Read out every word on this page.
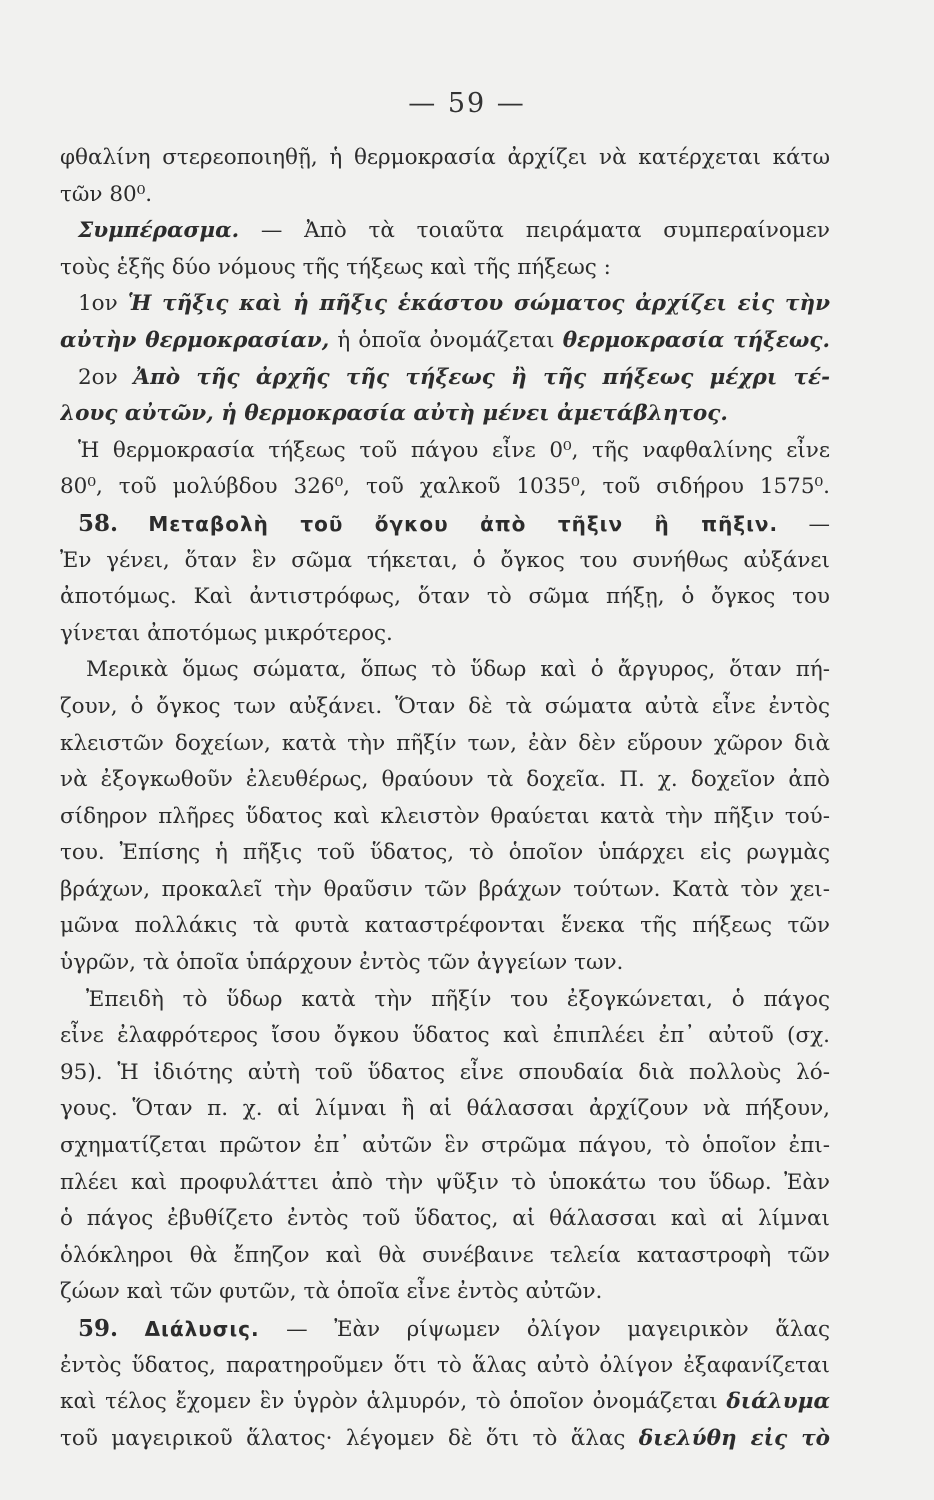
— 59 —
φθαλίνη στερεοποιηθῇ, ἡ θερμοκρασία ἀρχίζει νὰ κατέρχεται κάτω
τῶν 80⁰.
Συμπέρασμα. — Ἀπὸ τὰ τοιαῦτα πειράματα συμπεραίνομεν
τοὺς ἑξῆς δύο νόμους τῆς τήξεως καὶ τῆς πήξεως :
1ον Ἡ τῆξις καὶ ἡ πῆξις ἑκάστου σώματος ἀρχίζει εἰς τὴν
αὐτὴν θερμοκρασίαν, ἡ ὁποῖα ὀνομάζεται θερμοκρασία τήξεως.
2ον Ἀπὸ τῆς ἀρχῆς τῆς τήξεως ἢ τῆς πήξεως μέχρι τέ-
λους αὐτῶν, ἡ θερμοκρασία αὐτὴ μένει ἀμετάβλητος.
Ἡ θερμοκρασία τήξεως τοῦ πάγου εἶνε 0⁰, τῆς ναφθαλίνης εἶνε
80⁰, τοῦ μολύβδου 326⁰, τοῦ χαλκοῦ 1035⁰, τοῦ σιδήρου 1575⁰.
58. Μεταβολὴ τοῦ ὄγκου ἀπὸ τῆξιν ἢ πῆξιν. —
Ἐν γένει, ὅταν ἓν σῶμα τήκεται, ὁ ὄγκος του συνήθως αὐξάνει
ἀποτόμως. Καὶ ἀντιστρόφως, ὅταν τὸ σῶμα πήξῃ, ὁ ὄγκος του
γίνεται ἀποτόμως μικρότερος.
Μερικὰ ὅμως σώματα, ὅπως τὸ ὕδωρ καὶ ὁ ἄργυρος, ὅταν πή-
ζουν, ὁ ὄγκος των αὐξάνει. Ὅταν δὲ τὰ σώματα αὐτὰ εἶνε ἐντὸς
κλειστῶν δοχείων, κατὰ τὴν πῆξίν των, ἐὰν δὲν εὕρουν χῶρον διὰ
νὰ ἐξογκωθοῦν ἐλευθέρως, θραύουν τὰ δοχεῖα. Π. χ. δοχεῖον ἀπὸ
σίδηρον πλῆρες ὕδατος καὶ κλειστὸν θραύεται κατὰ τὴν πῆξιν τού-
του. Ἐπίσης ἡ πῆξις τοῦ ὕδατος, τὸ ὁποῖον ὑπάρχει εἰς ρωγμὰς
βράχων, προκαλεῖ τὴν θραῦσιν τῶν βράχων τούτων. Κατὰ τὸν χει-
μῶνα πολλάκις τὰ φυτὰ καταστρέφονται ἕνεκα τῆς πήξεως τῶν
ὑγρῶν, τὰ ὁποῖα ὑπάρχουν ἐντὸς τῶν ἀγγείων των.
Ἐπειδὴ τὸ ὕδωρ κατὰ τὴν πῆξίν του ἐξογκώνεται, ὁ πάγος
εἶνε ἐλαφρότερος ἴσου ὄγκου ὕδατος καὶ ἐπιπλέει ἐπ᾽ αὐτοῦ (σχ.
95). Ἡ ἰδιότης αὐτὴ τοῦ ὕδατος εἶνε σπουδαία διὰ πολλοὺς λό-
γους. Ὅταν π. χ. αἱ λίμναι ἢ αἱ θάλασσαι ἀρχίζουν νὰ πήξουν,
σχηματίζεται πρῶτον ἐπ᾽ αὐτῶν ἓν στρῶμα πάγου, τὸ ὁποῖον ἐπι-
πλέει καὶ προφυλάττει ἀπὸ τὴν ψῦξιν τὸ ὑποκάτω του ὕδωρ. Ἐὰν
ὁ πάγος ἐβυθίζετο ἐντὸς τοῦ ὕδατος, αἱ θάλασσαι καὶ αἱ λίμναι
ὁλόκληροι θὰ ἔπηζον καὶ θὰ συνέβαινε τελεία καταστροφὴ τῶν
ζώων καὶ τῶν φυτῶν, τὰ ὁποῖα εἶνε ἐντὸς αὐτῶν.
59. Διάλυσις. — Ἐὰν ρίψωμεν ὀλίγον μαγειρικὸν ἅλας
ἐντὸς ὕδατος, παρατηροῦμεν ὅτι τὸ ἅλας αὐτὸ ὀλίγον ἐξαφανίζεται
καὶ τέλος ἔχομεν ἓν ὑγρὸν ἁλμυρόν, τὸ ὁποῖον ὀνομάζεται διάλυμα
τοῦ μαγειρικοῦ ἅλατος· λέγομεν δὲ ὅτι τὸ ἅλας διελύθη εἰς τὸ
